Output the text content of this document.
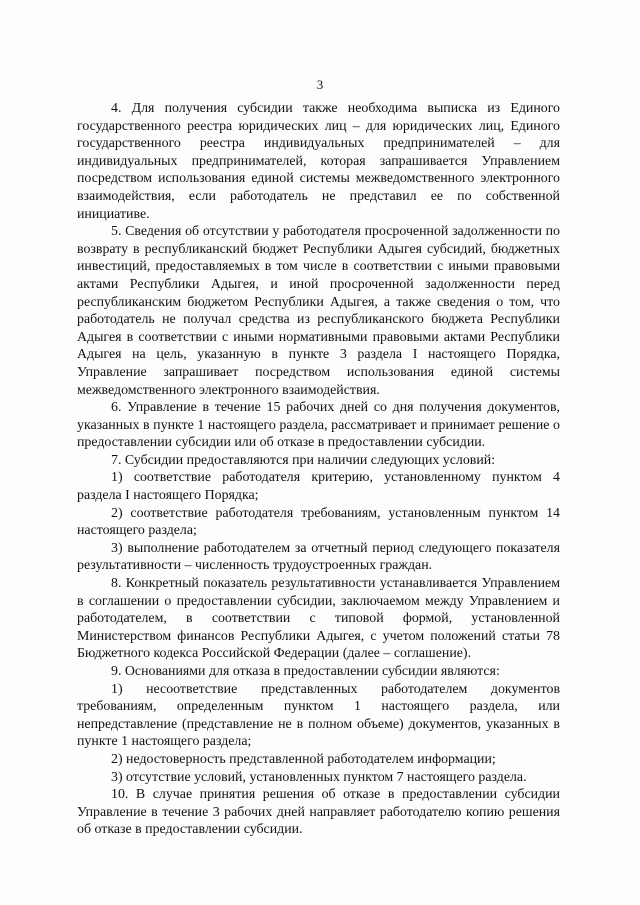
3

4. Для получения субсидии также необходима выписка из Единого государственного реестра юридических лиц – для юридических лиц, Единого государственного реестра индивидуальных предпринимателей – для индивидуальных предпринимателей, которая запрашивается Управлением посредством использования единой системы межведомственного электронного взаимодействия, если работодатель не представил ее по собственной инициативе.

5. Сведения об отсутствии у работодателя просроченной задолженности по возврату в республиканский бюджет Республики Адыгея субсидий, бюджетных инвестиций, предоставляемых в том числе в соответствии с иными правовыми актами Республики Адыгея, и иной просроченной задолженности перед республиканским бюджетом Республики Адыгея, а также сведения о том, что работодатель не получал средства из республиканского бюджета Республики Адыгея в соответствии с иными нормативными правовыми актами Республики Адыгея на цель, указанную в пункте 3 раздела I настоящего Порядка, Управление запрашивает посредством использования единой системы межведомственного электронного взаимодействия.

6. Управление в течение 15 рабочих дней со дня получения документов, указанных в пункте 1 настоящего раздела, рассматривает и принимает решение о предоставлении субсидии или об отказе в предоставлении субсидии.

7. Субсидии предоставляются при наличии следующих условий:

1) соответствие работодателя критерию, установленному пунктом 4 раздела I настоящего Порядка;

2) соответствие работодателя требованиям, установленным пунктом 14 настоящего раздела;

3) выполнение работодателем за отчетный период следующего показателя результативности – численность трудоустроенных граждан.

8. Конкретный показатель результативности устанавливается Управлением в соглашении о предоставлении субсидии, заключаемом между Управлением и работодателем, в соответствии с типовой формой, установленной Министерством финансов Республики Адыгея, с учетом положений статьи 78 Бюджетного кодекса Российской Федерации (далее – соглашение).

9. Основаниями для отказа в предоставлении субсидии являются:

1) несоответствие представленных работодателем документов требованиям, определенным пунктом 1 настоящего раздела, или непредставление (представление не в полном объеме) документов, указанных в пункте 1 настоящего раздела;

2) недостоверность представленной работодателем информации;

3) отсутствие условий, установленных пунктом 7 настоящего раздела.

10. В случае принятия решения об отказе в предоставлении субсидии Управление в течение 3 рабочих дней направляет работодателю копию решения об отказе в предоставлении субсидии.
